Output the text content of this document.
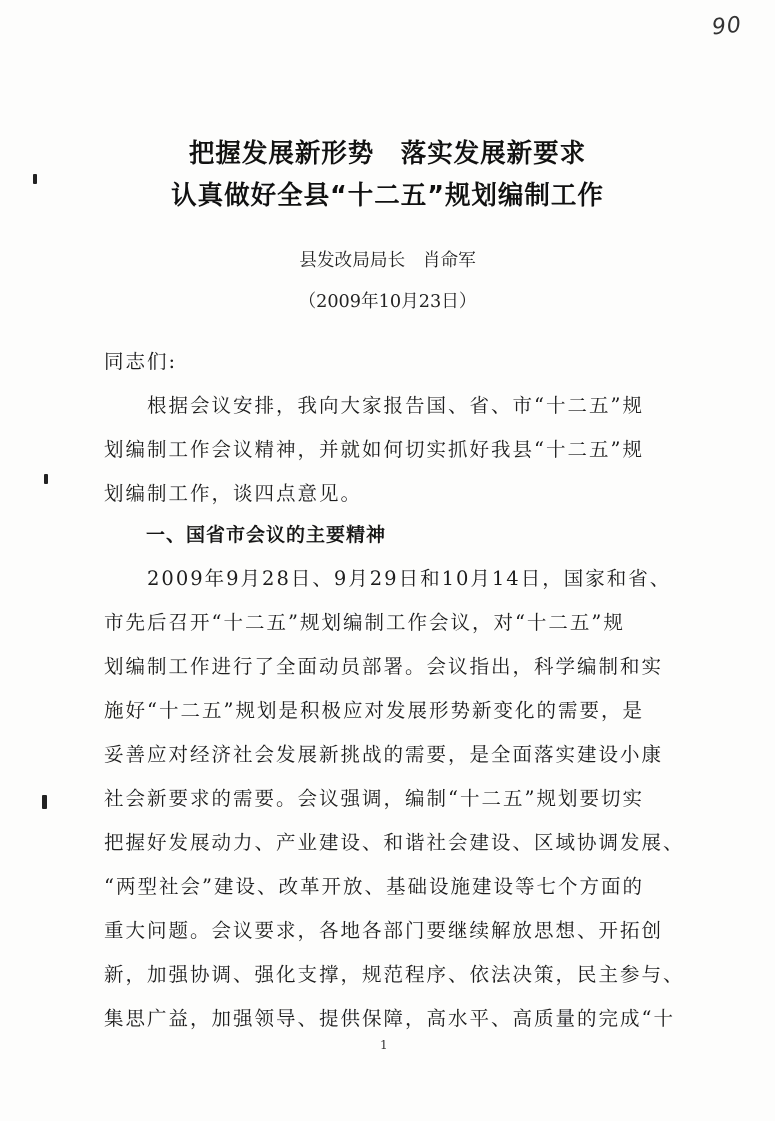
90
把握发展新形势　落实发展新要求
认真做好全县“十二五”规划编制工作
县发改局局长　肖命军
（2009年10月23日）
同志们:
　　根据会议安排，我向大家报告国、省、市“十二五”规
划编制工作会议精神，并就如何切实抓好我县“十二五”规
划编制工作，谈四点意见。
　一、国省市会议的主要精神
　　2009年9月28日、9月29日和10月14日，国家和省、
市先后召开“十二五”规划编制工作会议，对“十二五”规
划编制工作进行了全面动员部署。会议指出，科学编制和实
施好“十二五”规划是积极应对发展形势新变化的需要，是
妥善应对经济社会发展新挑战的需要，是全面落实建设小康
社会新要求的需要。会议强调，编制“十二五”规划要切实
把握好发展动力、产业建设、和谐社会建设、区域协调发展、
“两型社会”建设、改革开放、基础设施建设等七个方面的
重大问题。会议要求，各地各部门要继续解放思想、开拓创
新，加强协调、强化支撑，规范程序、依法决策，民主参与、
集思广益，加强领导、提供保障，高水平、高质量的完成“十
1
